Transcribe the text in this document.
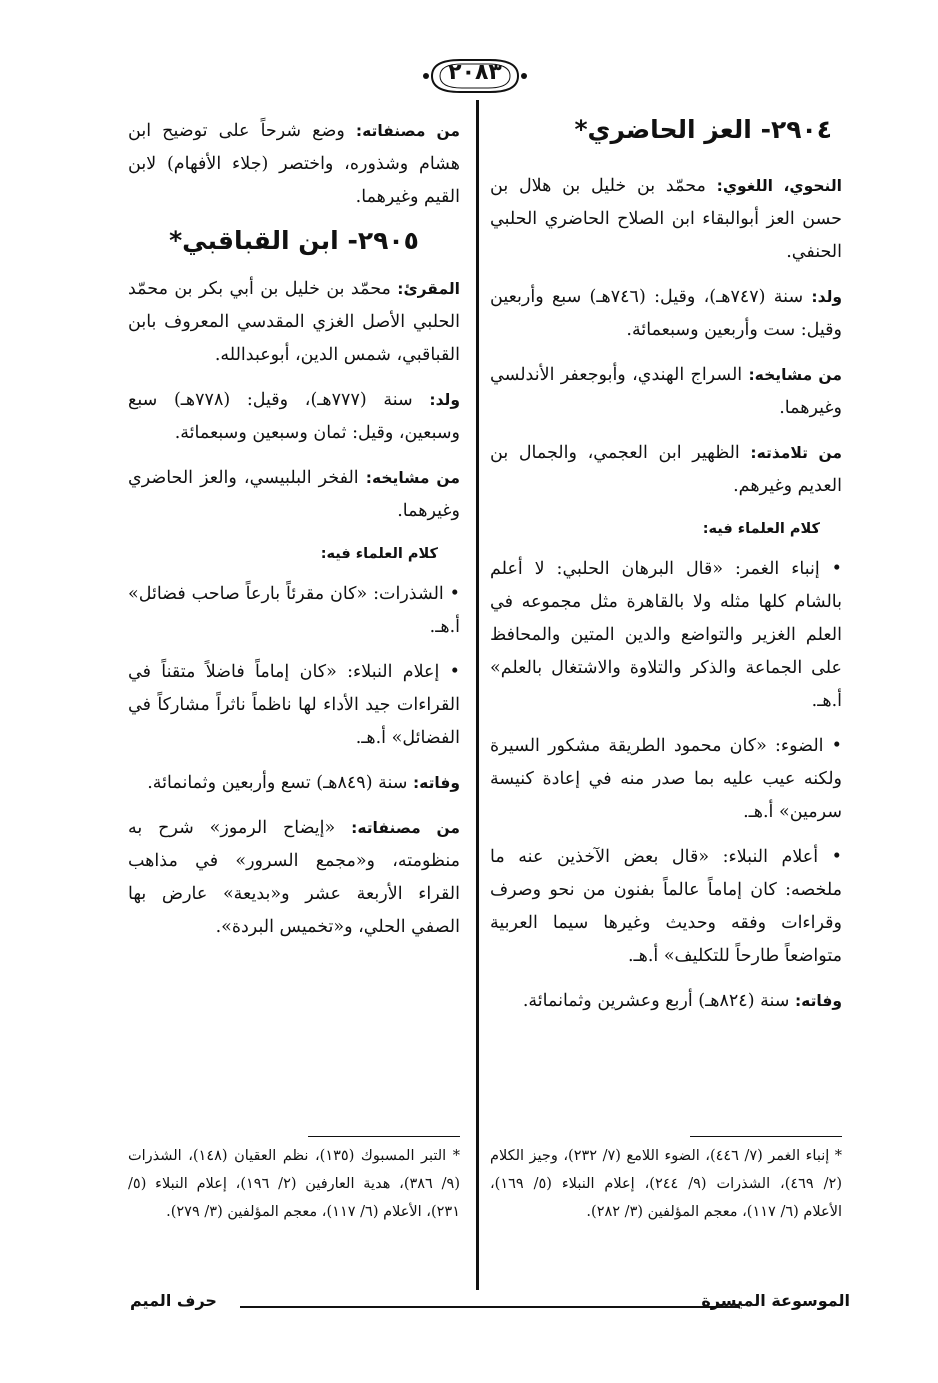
٢٠٨٣
٢٩٠٤- العز الحاضري*

النحوي، اللغوي: محمّد بن خليل بن هلال بن حسن العز أبوالبقاء ابن الصلاح الحاضري الحلبي الحنفي.

ولد: سنة (٧٤٧هـ)، وقيل: (٧٤٦هـ) سبع وأربعين وقيل: ست وأربعين وسبعمائة.

من مشايخه: السراج الهندي، وأبوجعفر الأندلسي وغيرهما.

من تلامذته: الظهير ابن العجمي، والجمال بن العديم وغيرهم.

كلام العلماء فيه:

• إنباء الغمر: «قال البرهان الحلبي: لا أعلم بالشام كلها مثله ولا بالقاهرة مثل مجموعه في العلم الغزير والتواضع والدين المتين والمحافظ على الجماعة والذكر والتلاوة والاشتغال بالعلم» أ.هـ.

• الضوء: «كان محمود الطريقة مشكور السيرة ولكنه عيب عليه بما صدر منه في إعادة كنيسة سرمين» أ.هـ.

• أعلام النبلاء: «قال بعض الآخذين عنه ما ملخصه: كان إماماً عالماً بفنون من نحو وصرف وقراءات وفقه وحديث وغيرها سيما العربية متواضعاً طارحاً للتكليف» أ.هـ.

وفاته: سنة (٨٢٤هـ) أربع وعشرين وثمانمائة.

من مصنفاته: وضع شرحاً على توضيح ابن هشام وشذوره، واختصر (جلاء الأفهام) لابن القيم وغيرهما.

٢٩٠٥- ابن القباقبي*

المقرئ: محمّد بن خليل بن أبي بكر بن محمّد الحلبي الأصل الغزي المقدسي المعروف بابن القباقبي، شمس الدين، أبوعبدالله.

ولد: سنة (٧٧٧هـ)، وقيل: (٧٧٨هـ) سبع وسبعين، وقيل: ثمان وسبعين وسبعمائة.

من مشايخه: الفخر البلبيسي، والعز الحاضري وغيرهما.

كلام العلماء فيه:

• الشذرات: «كان مقرئاً بارعاً صاحب فضائل» أ.هـ.

• إعلام النبلاء: «كان إماماً فاضلاً متقناً في القراءات جيد الأداء لها ناظماً ناثراً مشاركاً في الفضائل» أ.هـ.

وفاته: سنة (٨٤٩هـ) تسع وأربعين وثمانمائة.

من مصنفاته: «إيضاح الرموز» شرح به منظومته، و«مجمع السرور» في مذاهب القراء الأربعة عشر و«بديعة» عارض بها الصفي الحلي، و«تخميس البردة».

* إنباء الغمر (٧/ ٤٤٦)، الضوء اللامع (٧/ ٢٣٢)، وجيز الكلام (٢/ ٤٦٩)، الشذرات (٩/ ٢٤٤)، إعلام النبلاء (٥/ ١٦٩)، الأعلام (٦/ ١١٧)، معجم المؤلفين (٣/ ٢٨٢).
* التبر المسبوك (١٣٥)، نظم العقيان (١٤٨)، الشذرات (٩/ ٣٨٦)، هدية العارفين (٢/ ١٩٦)، إعلام النبلاء (٥/ ٢٣١)، الأعلام (٦/ ١١٧)، معجم المؤلفين (٣/ ٢٧٩).
الموسوعة الميسرة
حرف الميم
